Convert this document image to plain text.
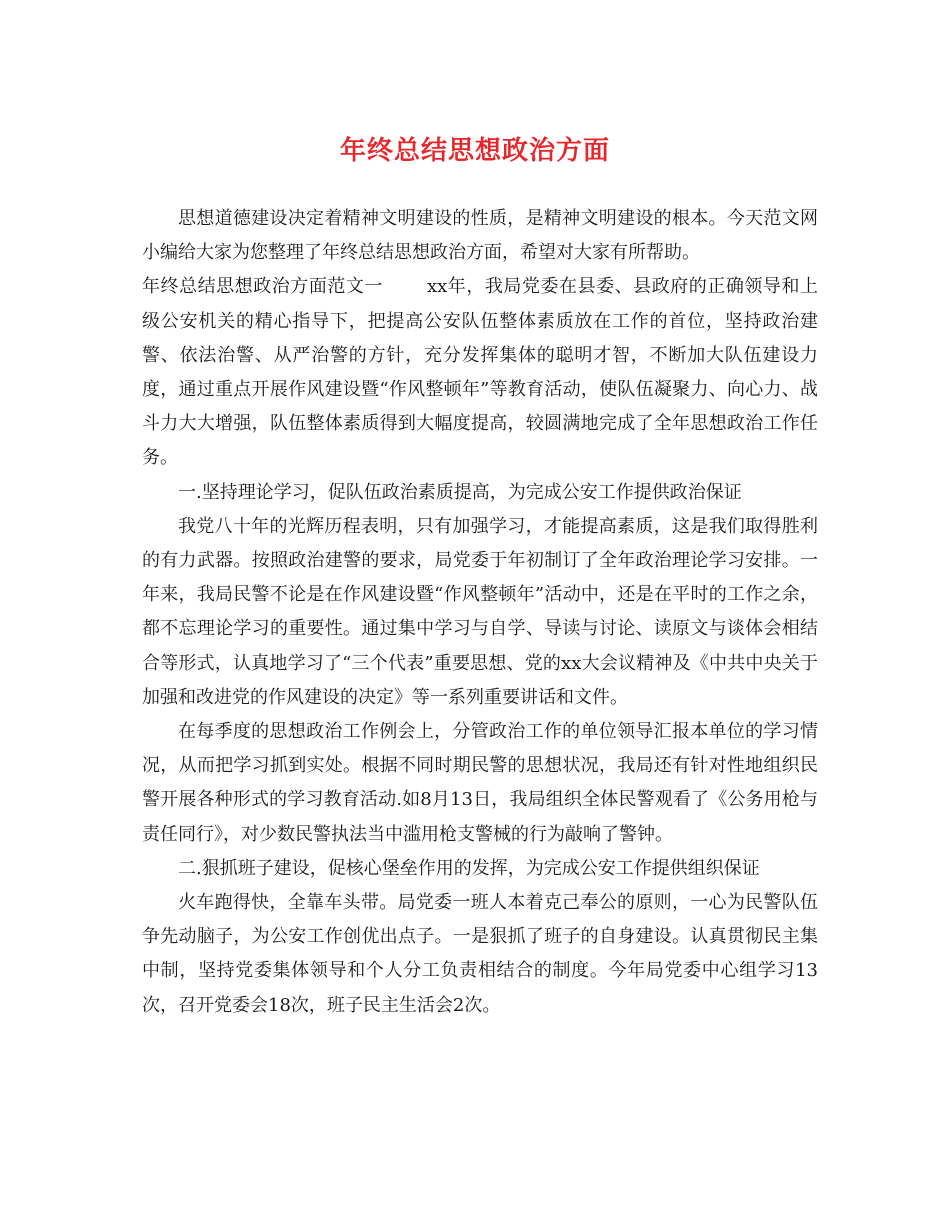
年终总结思想政治方面

思想道德建设决定着精神文明建设的性质，是精神文明建设的根本。今天范文网小编给大家为您整理了年终总结思想政治方面，希望对大家有所帮助。

年终总结思想政治方面范文一 xx年，我局党委在县委、县政府的正确领导和上级公安机关的精心指导下，把提高公安队伍整体素质放在工作的首位，坚持政治建警、依法治警、从严治警的方针，充分发挥集体的聪明才智，不断加大队伍建设力度，通过重点开展作风建设暨“作风整顿年”等教育活动，使队伍凝聚力、向心力、战斗力大大增强，队伍整体素质得到大幅度提高，较圆满地完成了全年思想政治工作任务。

一.坚持理论学习，促队伍政治素质提高，为完成公安工作提供政治保证

我党八十年的光辉历程表明，只有加强学习，才能提高素质，这是我们取得胜利的有力武器。按照政治建警的要求，局党委于年初制订了全年政治理论学习安排。一年来，我局民警不论是在作风建设暨“作风整顿年”活动中，还是在平时的工作之余，都不忘理论学习的重要性。通过集中学习与自学、导读与讨论、读原文与谈体会相结合等形式，认真地学习了“三个代表”重要思想、党的xx大会议精神及《中共中央关于加强和改进党的作风建设的决定》等一系列重要讲话和文件。

在每季度的思想政治工作例会上，分管政治工作的单位领导汇报本单位的学习情况，从而把学习抓到实处。根据不同时期民警的思想状况，我局还有针对性地组织民警开展各种形式的学习教育活动.如8月13日，我局组织全体民警观看了《公务用枪与责任同行》，对少数民警执法当中滥用枪支警械的行为敲响了警钟。

二.狠抓班子建设，促核心堡垒作用的发挥，为完成公安工作提供组织保证

火车跑得快，全靠车头带。局党委一班人本着克己奉公的原则，一心为民警队伍争先动脑子，为公安工作创优出点子。一是狠抓了班子的自身建设。认真贯彻民主集中制，坚持党委集体领导和个人分工负责相结合的制度。今年局党委中心组学习13次，召开党委会18次，班子民主生活会2次。
